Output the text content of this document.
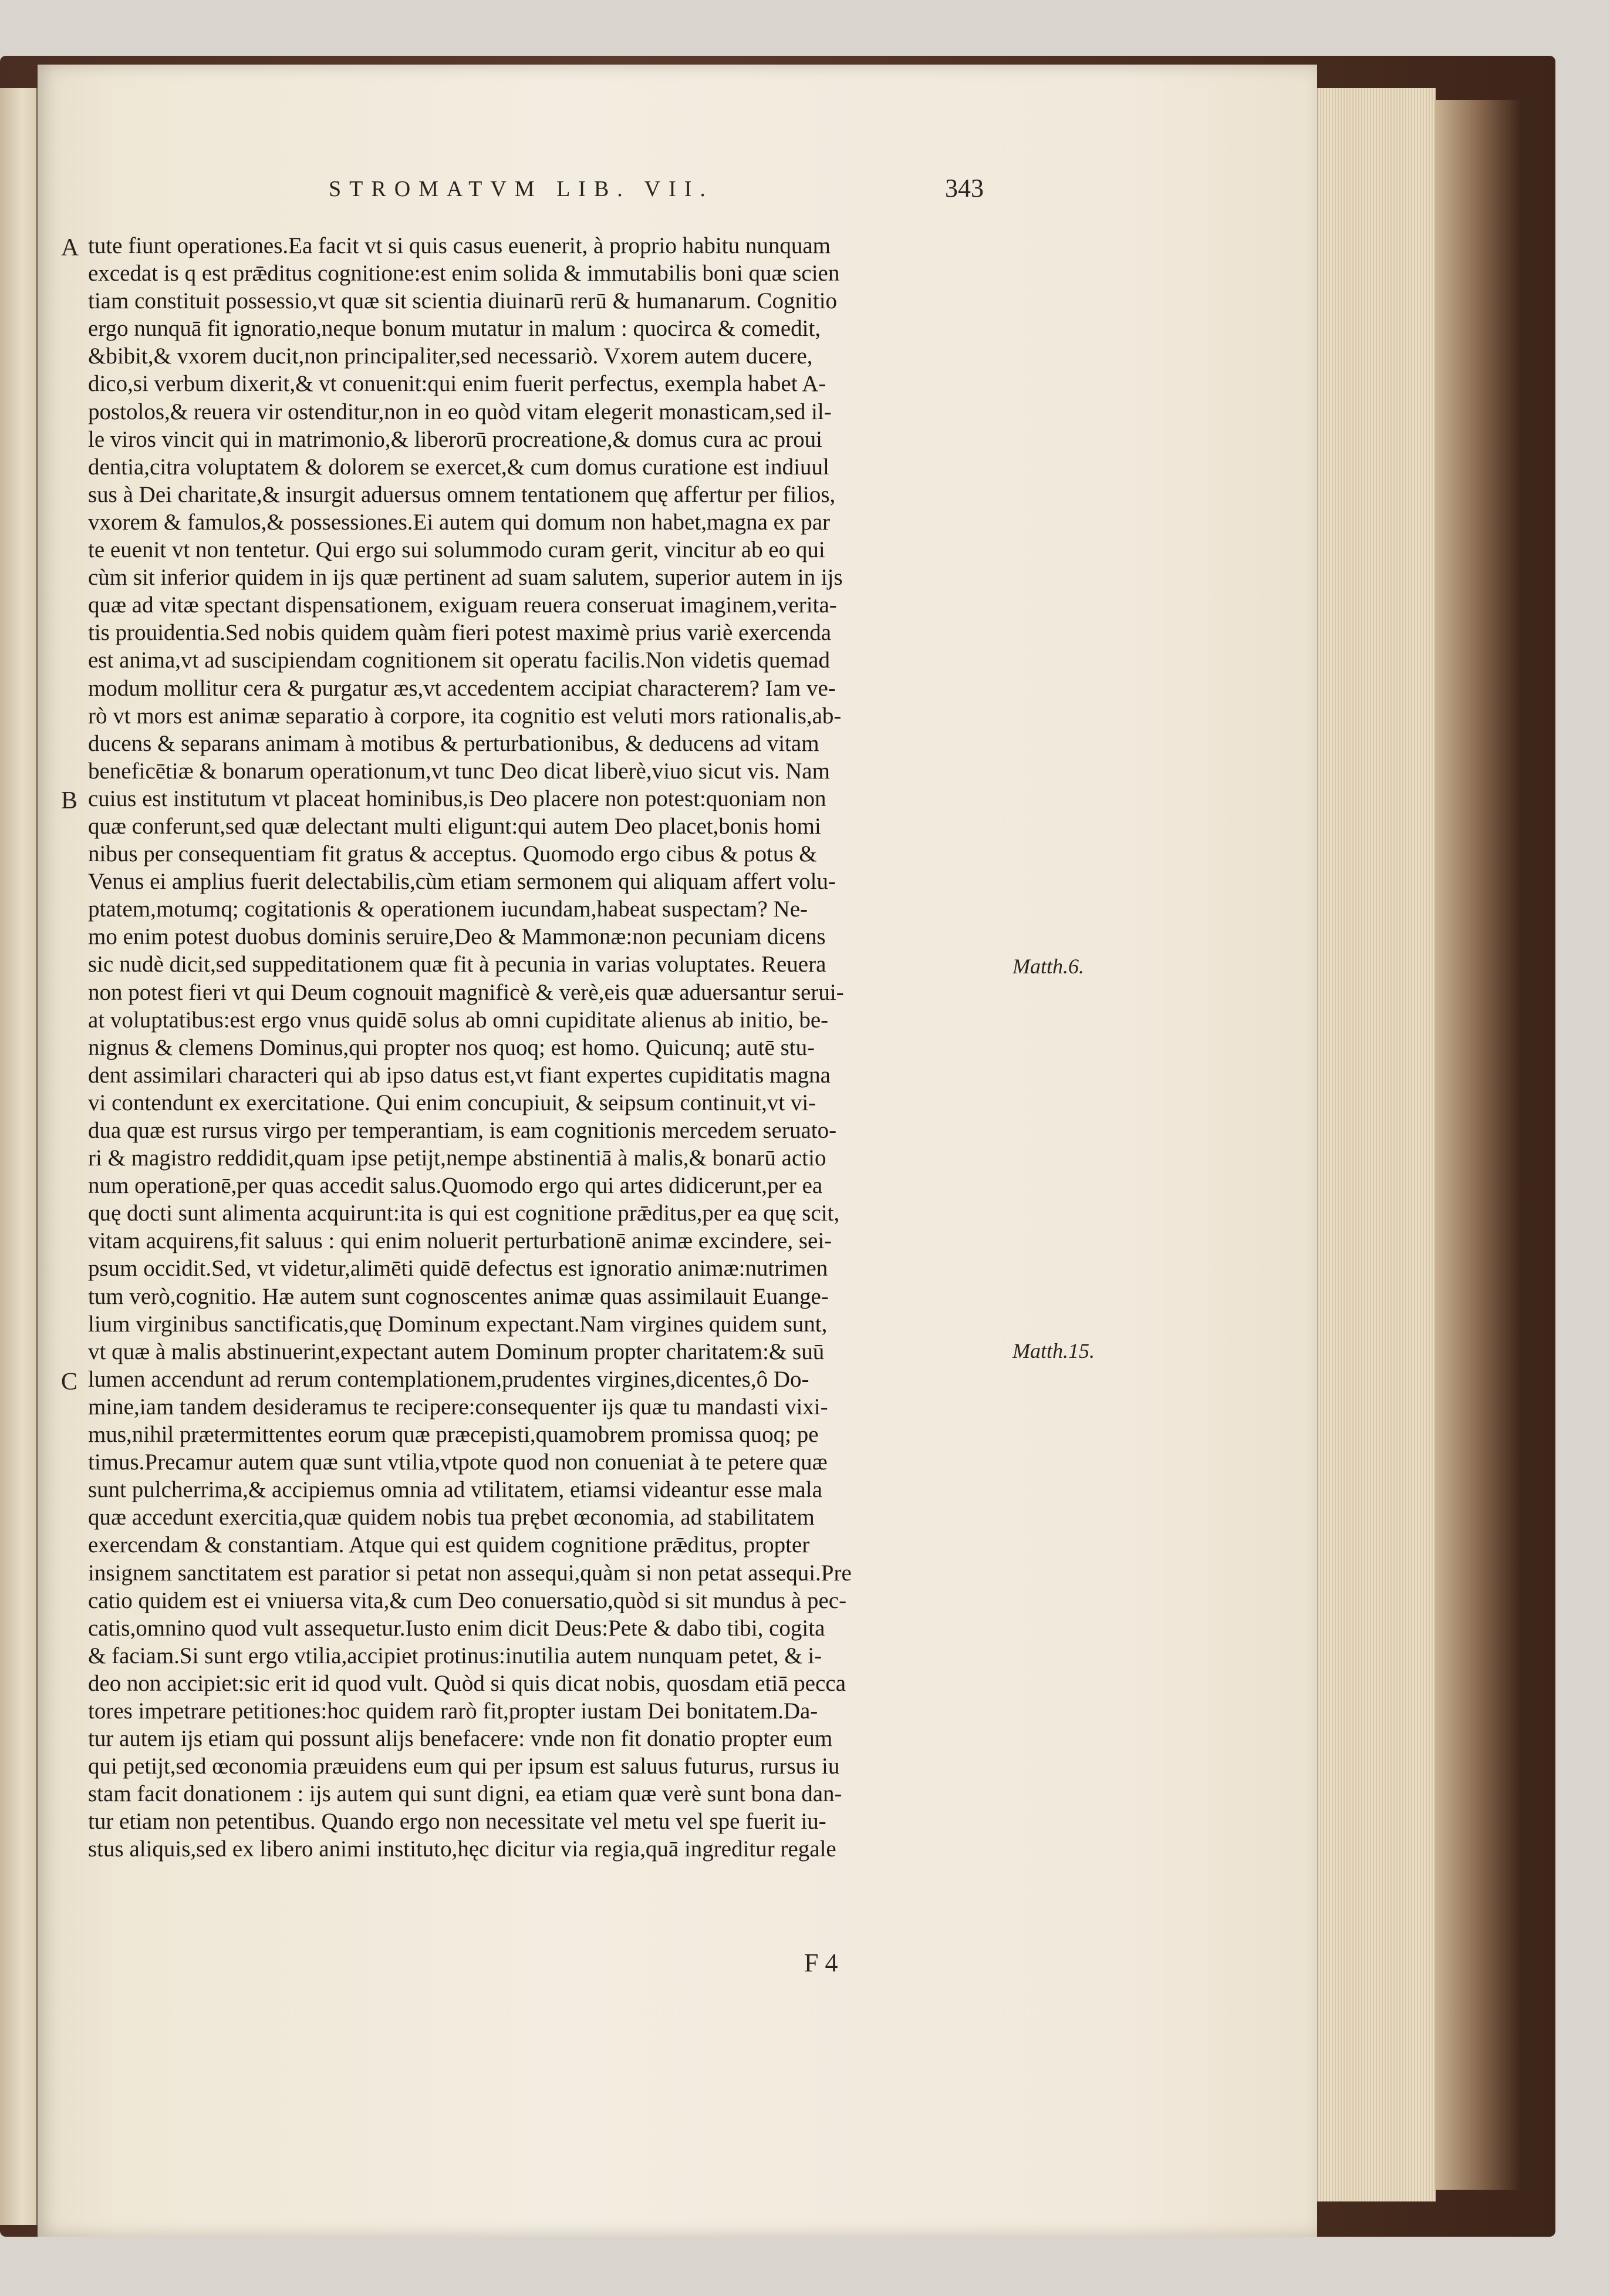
STROMATVM LIB. VII.	343
A
B
C
Matth.6.
Matth.15.
tute fiunt operationes.Ea facit vt si quis casus euenerit, à proprio habitu nunquam
excedat is q est prǣditus cognitione:est enim solida & immutabilis boni quæ scien
tiam constituit possessio,vt quæ sit scientia diuinarū rerū & humanarum. Cognitio
ergo nunquā fit ignoratio,neque bonum mutatur in malum : quocirca & comedit,
&bibit,& vxorem ducit,non principaliter,sed necessariò. Vxorem autem ducere,
dico,si verbum dixerit,& vt conuenit:qui enim fuerit perfectus, exempla habet A-
postolos,& reuera vir ostenditur,non in eo quòd vitam elegerit monasticam,sed il-
le viros vincit qui in matrimonio,& liberorū procreatione,& domus cura ac proui
dentia,citra voluptatem & dolorem se exercet,& cum domus curatione est indiuul
sus à Dei charitate,& insurgit aduersus omnem tentationem quę affertur per filios,
vxorem & famulos,& possessiones.Ei autem qui domum non habet,magna ex par
te euenit vt non tentetur. Qui ergo sui solummodo curam gerit, vincitur ab eo qui
cùm sit inferior quidem in ijs quæ pertinent ad suam salutem, superior autem in ijs
quæ ad vitæ spectant dispensationem, exiguam reuera conseruat imaginem,verita-
tis prouidentia.Sed nobis quidem quàm fieri potest maximè prius variè exercenda
est anima,vt ad suscipiendam cognitionem sit operatu facilis.Non videtis quemad
modum mollitur cera & purgatur æs,vt accedentem accipiat characterem? Iam ve-
rò vt mors est animæ separatio à corpore, ita cognitio est veluti mors rationalis,ab-
ducens & separans animam à motibus & perturbationibus, & deducens ad vitam
beneficētiæ & bonarum operationum,vt tunc Deo dicat liberè,viuo sicut vis. Nam
cuius est institutum vt placeat hominibus,is Deo placere non potest:quoniam non
quæ conferunt,sed quæ delectant multi eligunt:qui autem Deo placet,bonis homi
nibus per consequentiam fit gratus & acceptus. Quomodo ergo cibus & potus &
Venus ei amplius fuerit delectabilis,cùm etiam sermonem qui aliquam affert volu-
ptatem,motumq; cogitationis & operationem iucundam,habeat suspectam? Ne-
mo enim potest duobus dominis seruire,Deo & Mammonæ:non pecuniam dicens
sic nudè dicit,sed suppeditationem quæ fit à pecunia in varias voluptates. Reuera
non potest fieri vt qui Deum cognouit magnificè & verè,eis quæ aduersantur serui-
at voluptatibus:est ergo vnus quidē solus ab omni cupiditate alienus ab initio, be-
nignus & clemens Dominus,qui propter nos quoq; est homo. Quicunq; autē stu-
dent assimilari characteri qui ab ipso datus est,vt fiant expertes cupiditatis magna
vi contendunt ex exercitatione. Qui enim concupiuit, & seipsum continuit,vt vi-
dua quæ est rursus virgo per temperantiam, is eam cognitionis mercedem seruato-
ri & magistro reddidit,quam ipse petijt,nempe abstinentiā à malis,& bonarū actio
num operationē,per quas accedit salus.Quomodo ergo qui artes didicerunt,per ea
quę docti sunt alimenta acquirunt:ita is qui est cognitione prǣditus,per ea quę scit,
vitam acquirens,fit saluus : qui enim noluerit perturbationē animæ excindere, sei-
psum occidit.Sed, vt videtur,alimēti quidē defectus est ignoratio animæ:nutrimen
tum verò,cognitio. Hæ autem sunt cognoscentes animæ quas assimilauit Euange-
lium virginibus sanctificatis,quę Dominum expectant.Nam virgines quidem sunt,
vt quæ à malis abstinuerint,expectant autem Dominum propter charitatem:& suū
lumen accendunt ad rerum contemplationem,prudentes virgines,dicentes,ô Do-
mine,iam tandem desideramus te recipere:consequenter ijs quæ tu mandasti vixi-
mus,nihil prætermittentes eorum quæ præcepisti,quamobrem promissa quoq; pe
timus.Precamur autem quæ sunt vtilia,vtpote quod non conueniat à te petere quæ
sunt pulcherrima,& accipiemus omnia ad vtilitatem, etiamsi videantur esse mala
quæ accedunt exercitia,quæ quidem nobis tua prębet œconomia, ad stabilitatem
exercendam & constantiam. Atque qui est quidem cognitione prǣditus, propter
insignem sanctitatem est paratior si petat non assequi,quàm si non petat assequi.Pre
catio quidem est ei vniuersa vita,& cum Deo conuersatio,quòd si sit mundus à pec-
catis,omnino quod vult assequetur.Iusto enim dicit Deus:Pete & dabo tibi, cogita
& faciam.Si sunt ergo vtilia,accipiet protinus:inutilia autem nunquam petet, & i-
deo non accipiet:sic erit id quod vult. Quòd si quis dicat nobis, quosdam etiā pecca
tores impetrare petitiones:hoc quidem rarò fit,propter iustam Dei bonitatem.Da-
tur autem ijs etiam qui possunt alijs benefacere: vnde non fit donatio propter eum
qui petijt,sed œconomia præuidens eum qui per ipsum est saluus futurus, rursus iu
stam facit donationem : ijs autem qui sunt digni, ea etiam quæ verè sunt bona dan-
tur etiam non petentibus. Quando ergo non necessitate vel metu vel spe fuerit iu-
stus aliquis,sed ex libero animi instituto,hęc dicitur via regia,quā ingreditur regale
F 4
